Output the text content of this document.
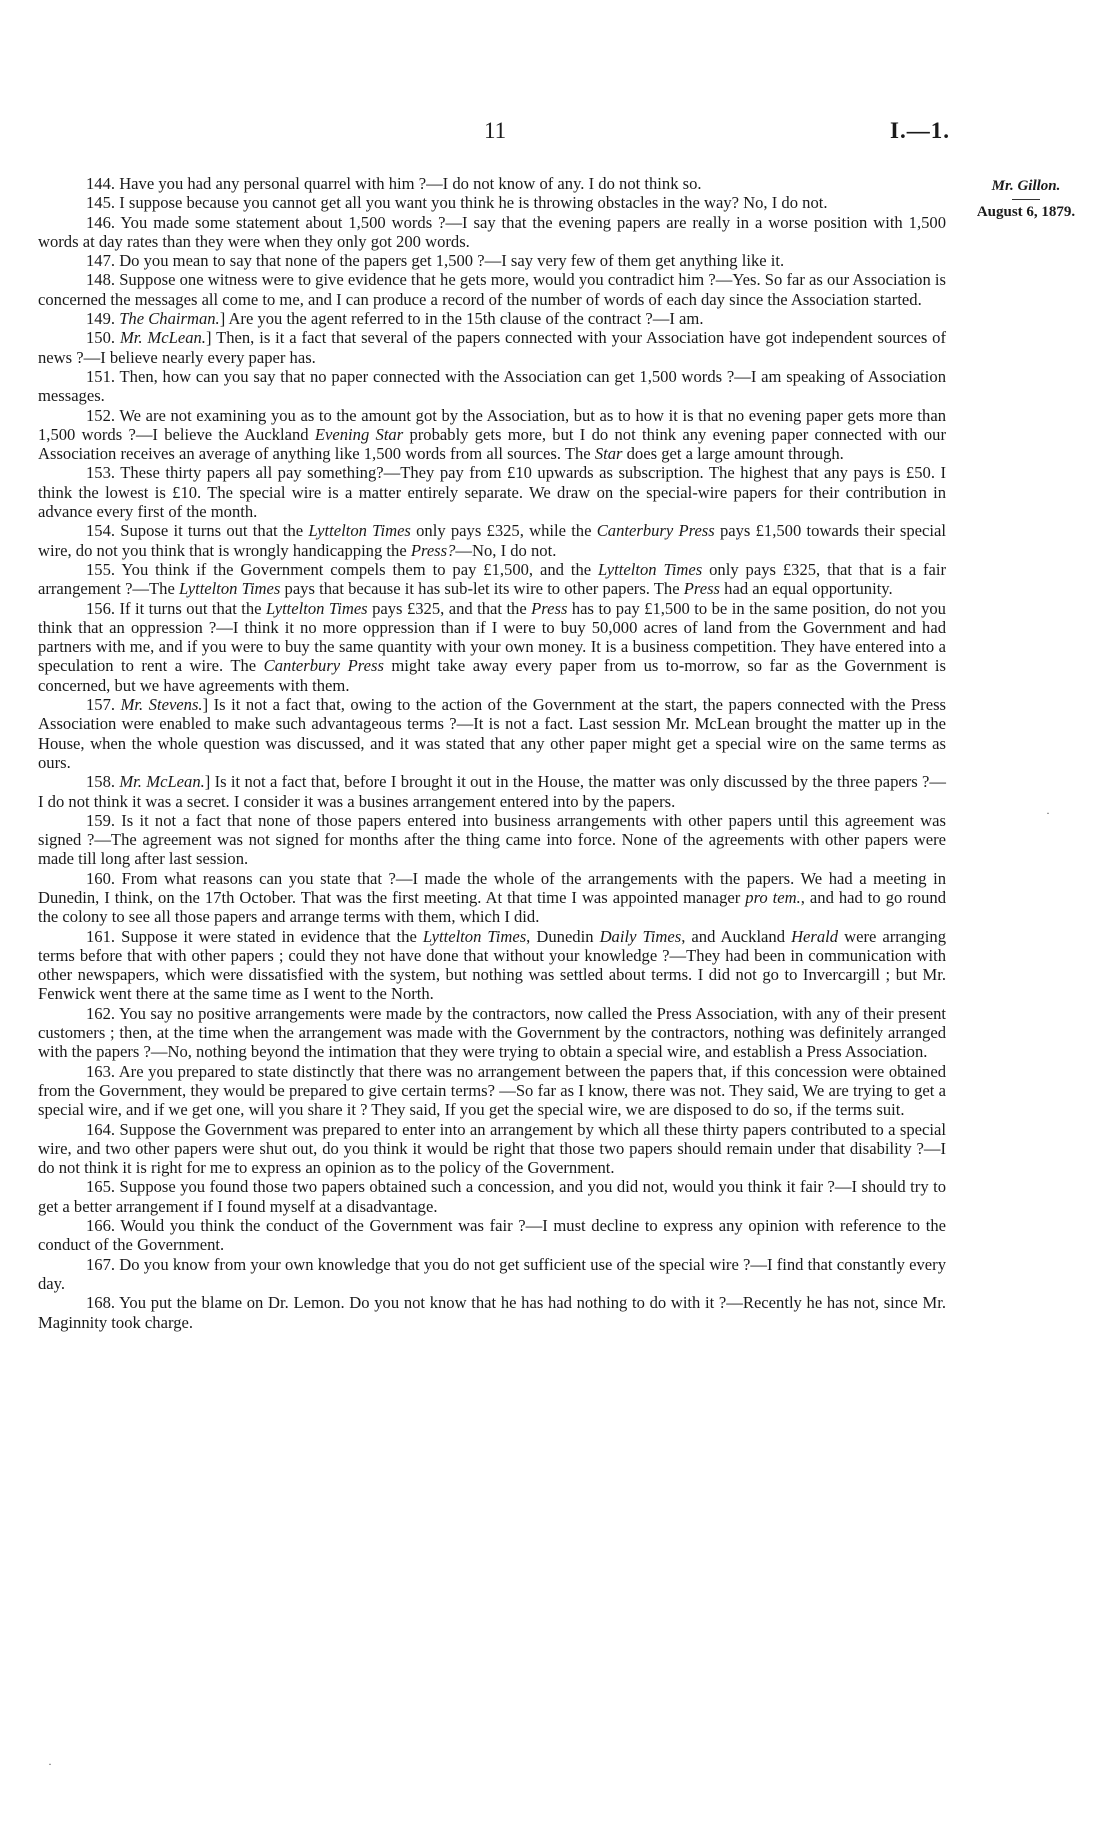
11	I.—1.
Mr. Gillon.
August 6, 1879.

144. Have you had any personal quarrel with him ?—I do not know of any. I do not think so.

145. I suppose because you cannot get all you want you think he is throwing obstacles in the way? No, I do not.

146. You made some statement about 1,500 words ?—I say that the evening papers are really in a worse position with 1,500 words at day rates than they were when they only got 200 words.

147. Do you mean to say that none of the papers get 1,500 ?—I say very few of them get anything like it.

148. Suppose one witness were to give evidence that he gets more, would you contradict him ?—Yes. So far as our Association is concerned the messages all come to me, and I can produce a record of the number of words of each day since the Association started.

149. The Chairman.] Are you the agent referred to in the 15th clause of the contract ?—I am.

150. Mr. McLean.] Then, is it a fact that several of the papers connected with your Association have got independent sources of news ?—I believe nearly every paper has.

151. Then, how can you say that no paper connected with the Association can get 1,500 words ?—I am speaking of Association messages.

152. We are not examining you as to the amount got by the Association, but as to how it is that no evening paper gets more than 1,500 words ?—I believe the Auckland Evening Star probably gets more, but I do not think any evening paper connected with our Association receives an average of anything like 1,500 words from all sources. The Star does get a large amount through.

153. These thirty papers all pay something?—They pay from £10 upwards as subscription. The highest that any pays is £50. I think the lowest is £10. The special wire is a matter entirely separate. We draw on the special-wire papers for their contribution in advance every first of the month.

154. Supose it turns out that the Lyttelton Times only pays £325, while the Canterbury Press pays £1,500 towards their special wire, do not you think that is wrongly handicapping the Press?—No, I do not.

155. You think if the Government compels them to pay £1,500, and the Lyttelton Times only pays £325, that that is a fair arrangement ?—The Lyttelton Times pays that because it has sub-let its wire to other papers. The Press had an equal opportunity.

156. If it turns out that the Lyttelton Times pays £325, and that the Press has to pay £1,500 to be in the same position, do not you think that an oppression ?—I think it no more oppression than if I were to buy 50,000 acres of land from the Government and had partners with me, and if you were to buy the same quantity with your own money. It is a business competition. They have entered into a speculation to rent a wire. The Canterbury Press might take away every paper from us to-morrow, so far as the Government is concerned, but we have agreements with them.

157. Mr. Stevens.] Is it not a fact that, owing to the action of the Government at the start, the papers connected with the Press Association were enabled to make such advantageous terms ?—It is not a fact. Last session Mr. McLean brought the matter up in the House, when the whole question was discussed, and it was stated that any other paper might get a special wire on the same terms as ours.

158. Mr. McLean.] Is it not a fact that, before I brought it out in the House, the matter was only discussed by the three papers ?—I do not think it was a secret. I consider it was a busines arrangement entered into by the papers.

159. Is it not a fact that none of those papers entered into business arrangements with other papers until this agreement was signed ?—The agreement was not signed for months after the thing came into force. None of the agreements with other papers were made till long after last session.

160. From what reasons can you state that ?—I made the whole of the arrangements with the papers. We had a meeting in Dunedin, I think, on the 17th October. That was the first meeting. At that time I was appointed manager pro tem., and had to go round the colony to see all those papers and arrange terms with them, which I did.

161. Suppose it were stated in evidence that the Lyttelton Times, Dunedin Daily Times, and Auckland Herald were arranging terms before that with other papers ; could they not have done that without your knowledge ?—They had been in communication with other newspapers, which were dissatisfied with the system, but nothing was settled about terms. I did not go to Invercargill ; but Mr. Fenwick went there at the same time as I went to the North.

162. You say no positive arrangements were made by the contractors, now called the Press Association, with any of their present customers ; then, at the time when the arrangement was made with the Government by the contractors, nothing was definitely arranged with the papers ?—No, nothing beyond the intimation that they were trying to obtain a special wire, and establish a Press Association.

163. Are you prepared to state distinctly that there was no arrangement between the papers that, if this concession were obtained from the Government, they would be prepared to give certain terms? —So far as I know, there was not. They said, We are trying to get a special wire, and if we get one, will you share it ? They said, If you get the special wire, we are disposed to do so, if the terms suit.

164. Suppose the Government was prepared to enter into an arrangement by which all these thirty papers contributed to a special wire, and two other papers were shut out, do you think it would be right that those two papers should remain under that disability ?—I do not think it is right for me to express an opinion as to the policy of the Government.

165. Suppose you found those two papers obtained such a concession, and you did not, would you think it fair ?—I should try to get a better arrangement if I found myself at a disadvantage.

166. Would you think the conduct of the Government was fair ?—I must decline to express any opinion with reference to the conduct of the Government.

167. Do you know from your own knowledge that you do not get sufficient use of the special wire ?—I find that constantly every day.

168. You put the blame on Dr. Lemon. Do you not know that he has had nothing to do with it ?—Recently he has not, since Mr. Maginnity took charge.

·
·
